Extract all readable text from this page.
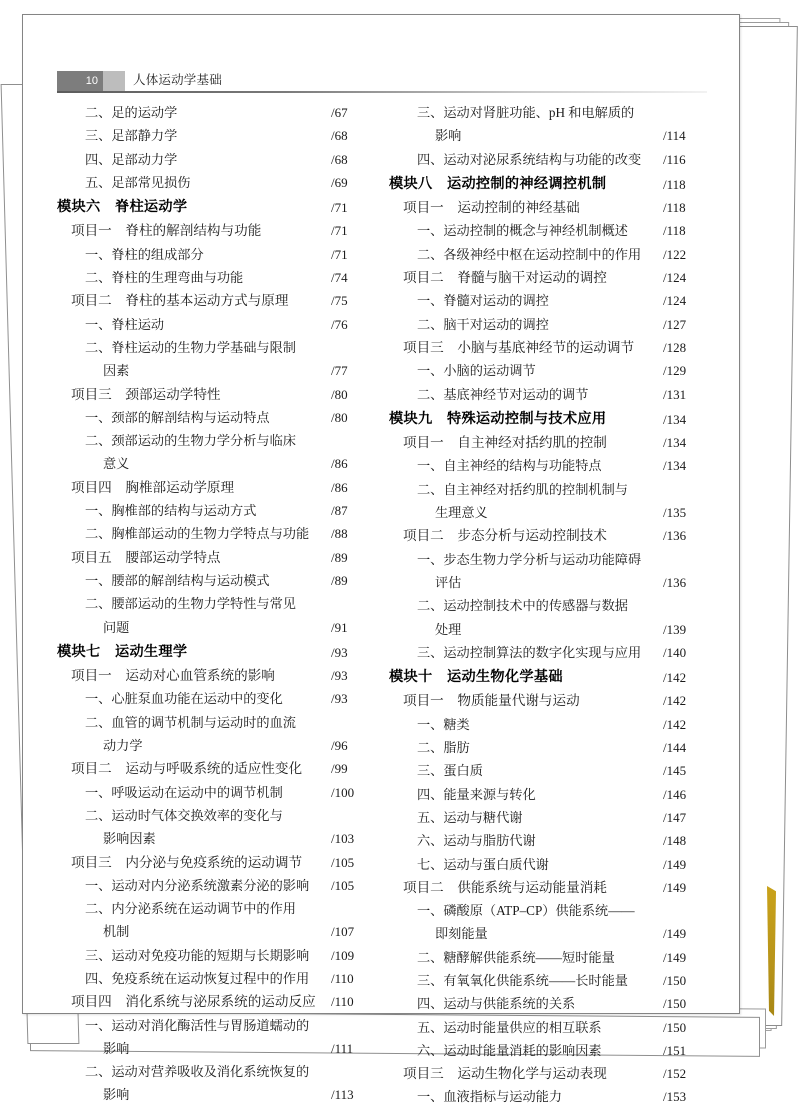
10	人体运动学基础
二、足的运动学	/67
三、足部静力学	/68
四、足部动力学	/68
五、足部常见损伤	/69
模块六　脊柱运动学	/71
项目一　脊柱的解剖结构与功能	/71
一、脊柱的组成部分	/71
二、脊柱的生理弯曲与功能	/74
项目二　脊柱的基本运动方式与原理	/75
一、脊柱运动	/76
二、脊柱运动的生物力学基础与限制
因素	/77
项目三　颈部运动学特性	/80
一、颈部的解剖结构与运动特点	/80
二、颈部运动的生物力学分析与临床
意义	/86
项目四　胸椎部运动学原理	/86
一、胸椎部的结构与运动方式	/87
二、胸椎部运动的生物力学特点与功能 /88
项目五　腰部运动学特点	/89
一、腰部的解剖结构与运动模式	/89
二、腰部运动的生物力学特性与常见
问题	/91
模块七　运动生理学	/93
项目一　运动对心血管系统的影响	/93
一、心脏泵血功能在运动中的变化	/93
二、血管的调节机制与运动时的血流
动力学	/96
项目二　运动与呼吸系统的适应性变化 /99
一、呼吸运动在运动中的调节机制	/100
二、运动时气体交换效率的变化与
影响因素	/103
项目三　内分泌与免疫系统的运动调节 /105
一、运动对内分泌系统激素分泌的影响 /105
二、内分泌系统在运动调节中的作用
机制	/107
三、运动对免疫功能的短期与长期影响 /109
四、免疫系统在运动恢复过程中的作用 /110
项目四　消化系统与泌尿系统的运动反应 /110
一、运动对消化酶活性与胃肠道蠕动的
影响	/111
二、运动对营养吸收及消化系统恢复的
影响	/113
三、运动对肾脏功能、pH 和电解质的
影响	/114
四、运动对泌尿系统结构与功能的改变 /116
模块八　运动控制的神经调控机制	/118
项目一　运动控制的神经基础	/118
一、运动控制的概念与神经机制概述	/118
二、各级神经中枢在运动控制中的作用 /122
项目二　脊髓与脑干对运动的调控	/124
一、脊髓对运动的调控	/124
二、脑干对运动的调控	/127
项目三　小脑与基底神经节的运动调节 /128
一、小脑的运动调节	/129
二、基底神经节对运动的调节	/131
模块九　特殊运动控制与技术应用	/134
项目一　自主神经对括约肌的控制	/134
一、自主神经的结构与功能特点	/134
二、自主神经对括约肌的控制机制与
生理意义	/135
项目二　步态分析与运动控制技术	/136
一、步态生物力学分析与运动功能障碍
评估	/136
二、运动控制技术中的传感器与数据
处理	/139
三、运动控制算法的数字化实现与应用 /140
模块十　运动生物化学基础	/142
项目一　物质能量代谢与运动	/142
一、糖类	/142
二、脂肪	/144
三、蛋白质	/145
四、能量来源与转化	/146
五、运动与糖代谢	/147
六、运动与脂肪代谢	/148
七、运动与蛋白质代谢	/149
项目二　供能系统与运动能量消耗	/149
一、磷酸原（ATP–CP）供能系统——
即刻能量	/149
二、糖酵解供能系统——短时能量	/149
三、有氧氧化供能系统——长时能量	/150
四、运动与供能系统的关系	/150
五、运动时能量供应的相互联系	/150
六、运动时能量消耗的影响因素	/151
项目三　运动生物化学与运动表现	/152
一、血液指标与运动能力	/153
